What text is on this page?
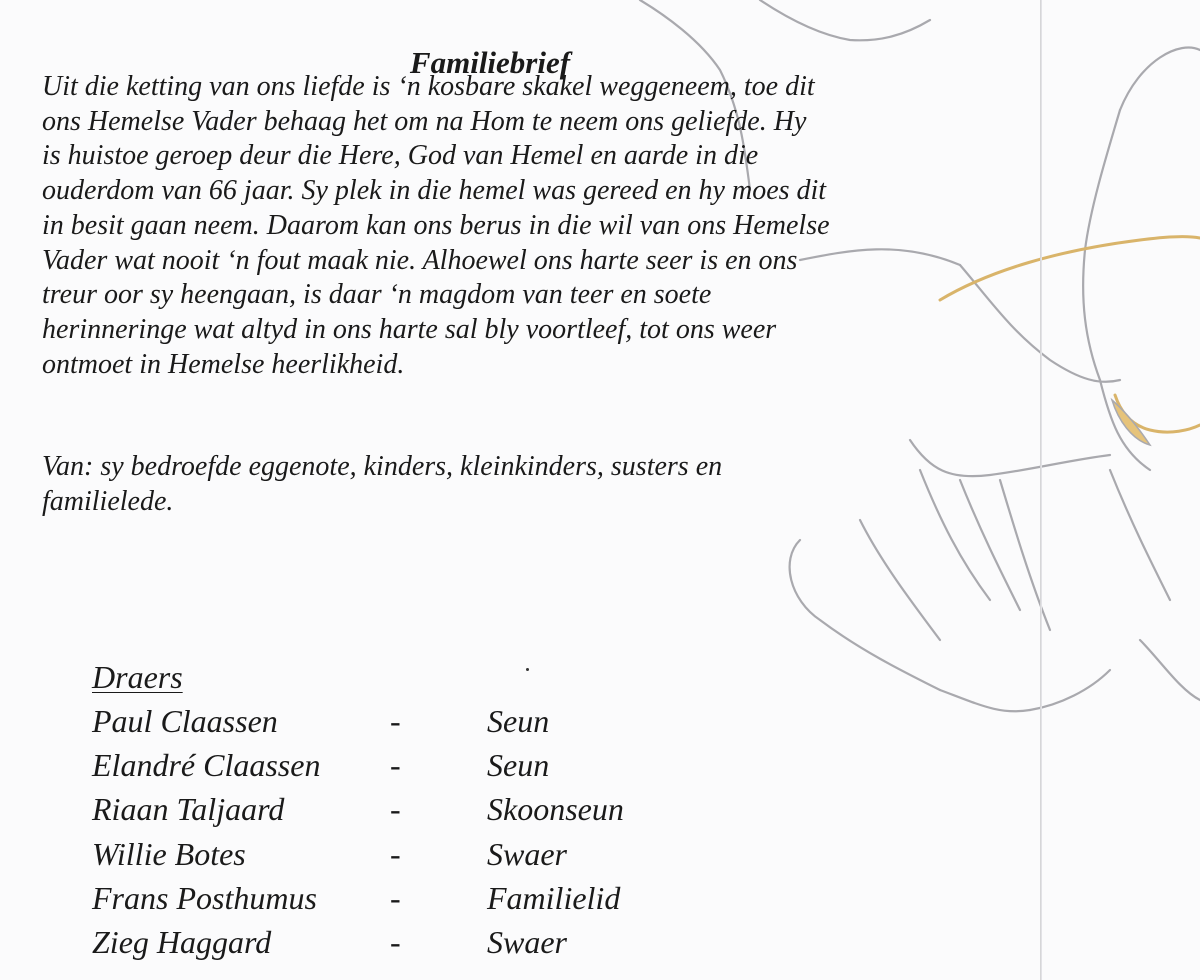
Familiebrief

Uit die ketting van ons liefde is ‘n kosbare skakel weggeneem, toe dit
ons Hemelse Vader behaag het om na Hom te neem ons geliefde. Hy
is huistoe geroep deur die Here, God van Hemel en aarde in die
ouderdom van 66 jaar. Sy plek in die hemel was gereed en hy moes dit
in besit gaan neem. Daarom kan ons berus in die wil van ons Hemelse
Vader wat nooit ‘n fout maak nie. Alhoewel ons harte seer is en ons
treur oor sy heengaan, is daar ‘n magdom van teer en soete
herinneringe wat altyd in ons harte sal bly voortleef, tot ons weer
ontmoet in Hemelse heerlikheid.

Van: sy bedroefde eggenote, kinders, kleinkinders, susters en
familielede.

Draers
Paul Claassen	-	Seun
Elandré Claassen -	Seun
Riaan Taljaard	-	Skoonseun
Willie Botes	-	Swaer
Frans Posthumus -	Familielid
Zieg Haggard	-	Swaer
